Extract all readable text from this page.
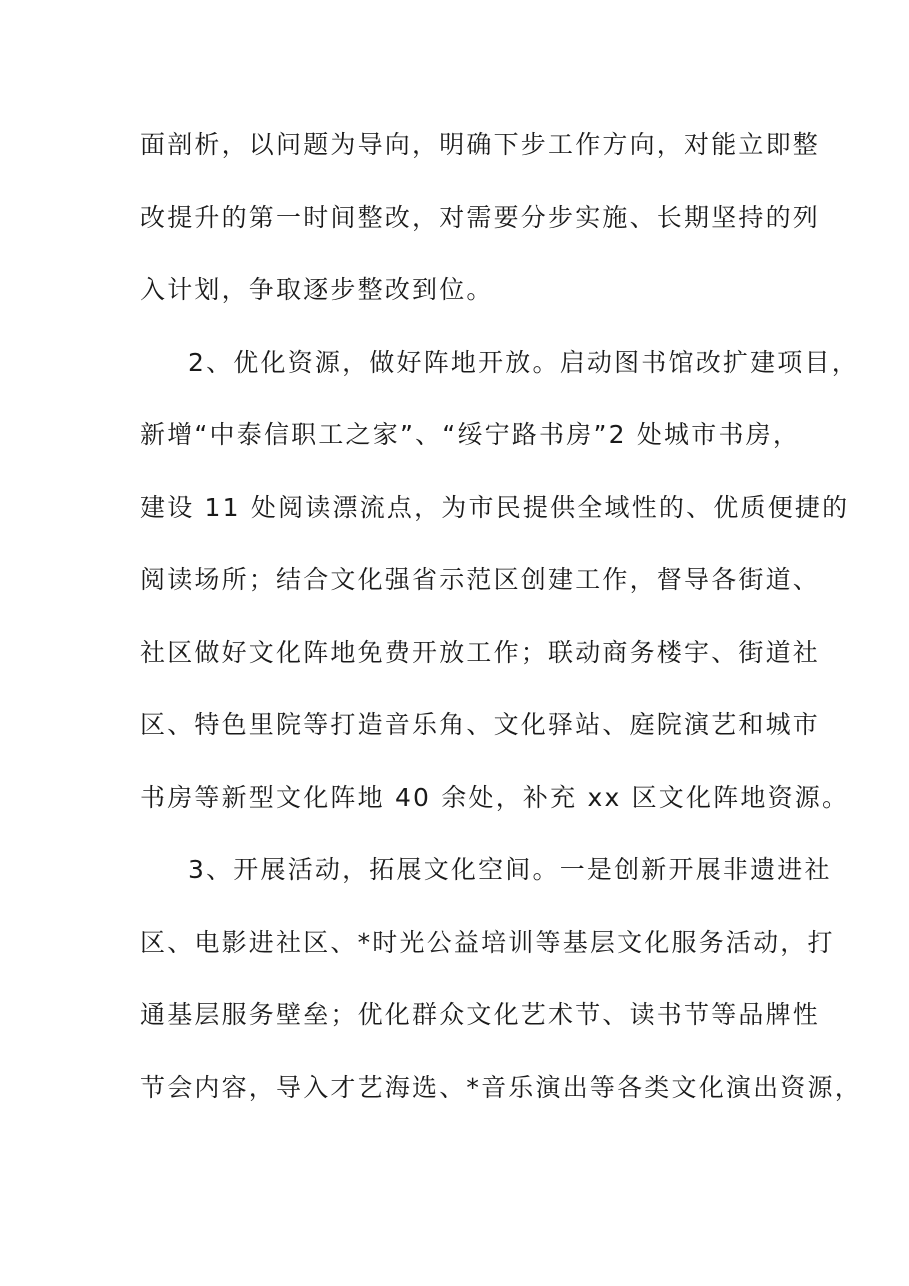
面剖析，以问题为导向，明确下步工作方向，对能立即整
改提升的第一时间整改，对需要分步实施、长期坚持的列
入计划，争取逐步整改到位。
2、优化资源，做好阵地开放。启动图书馆改扩建项目，
新增“中泰信职工之家”、“绥宁路书房”2 处城市书房，
建设 11 处阅读漂流点，为市民提供全域性的、优质便捷的
阅读场所；结合文化强省示范区创建工作，督导各街道、
社区做好文化阵地免费开放工作；联动商务楼宇、街道社
区、特色里院等打造音乐角、文化驿站、庭院演艺和城市
书房等新型文化阵地 40 余处，补充 xx 区文化阵地资源。
3、开展活动，拓展文化空间。一是创新开展非遗进社
区、电影进社区、*时光公益培训等基层文化服务活动，打
通基层服务壁垒；优化群众文化艺术节、读书节等品牌性
节会内容，导入才艺海选、*音乐演出等各类文化演出资源，
